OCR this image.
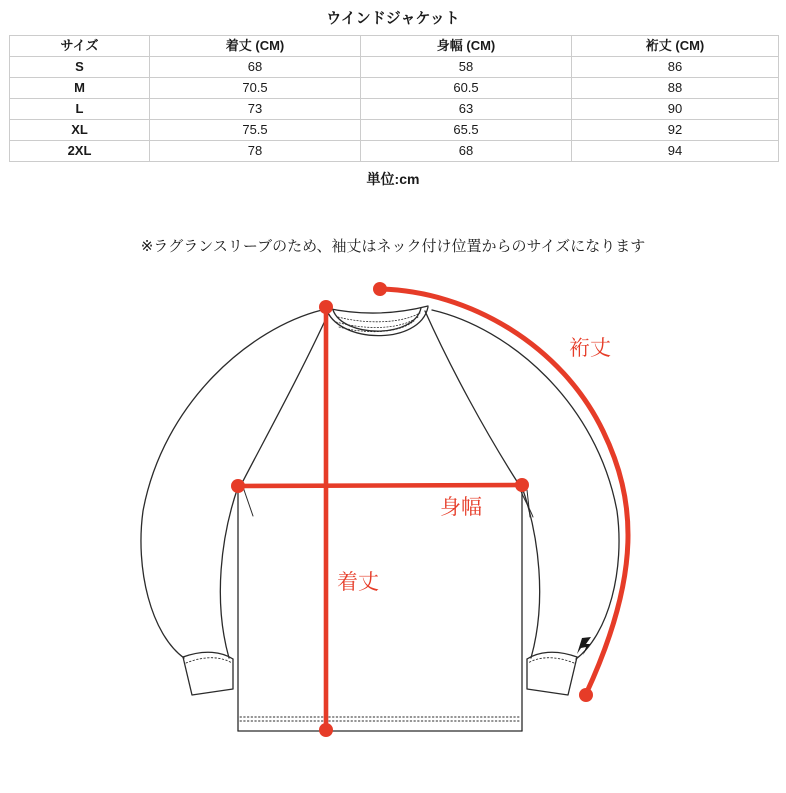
ウインドジャケット
サイズ	着丈 (CM)	身幅 (CM)	裄丈 (CM)
S	68	58	86
M	70.5	60.5	88
L	73	63	90
XL	75.5	65.5	92
2XL	78	68	94
単位:cm
※ラグランスリーブのため、袖丈はネック付け位置からのサイズになります
裄丈
身幅
着丈
